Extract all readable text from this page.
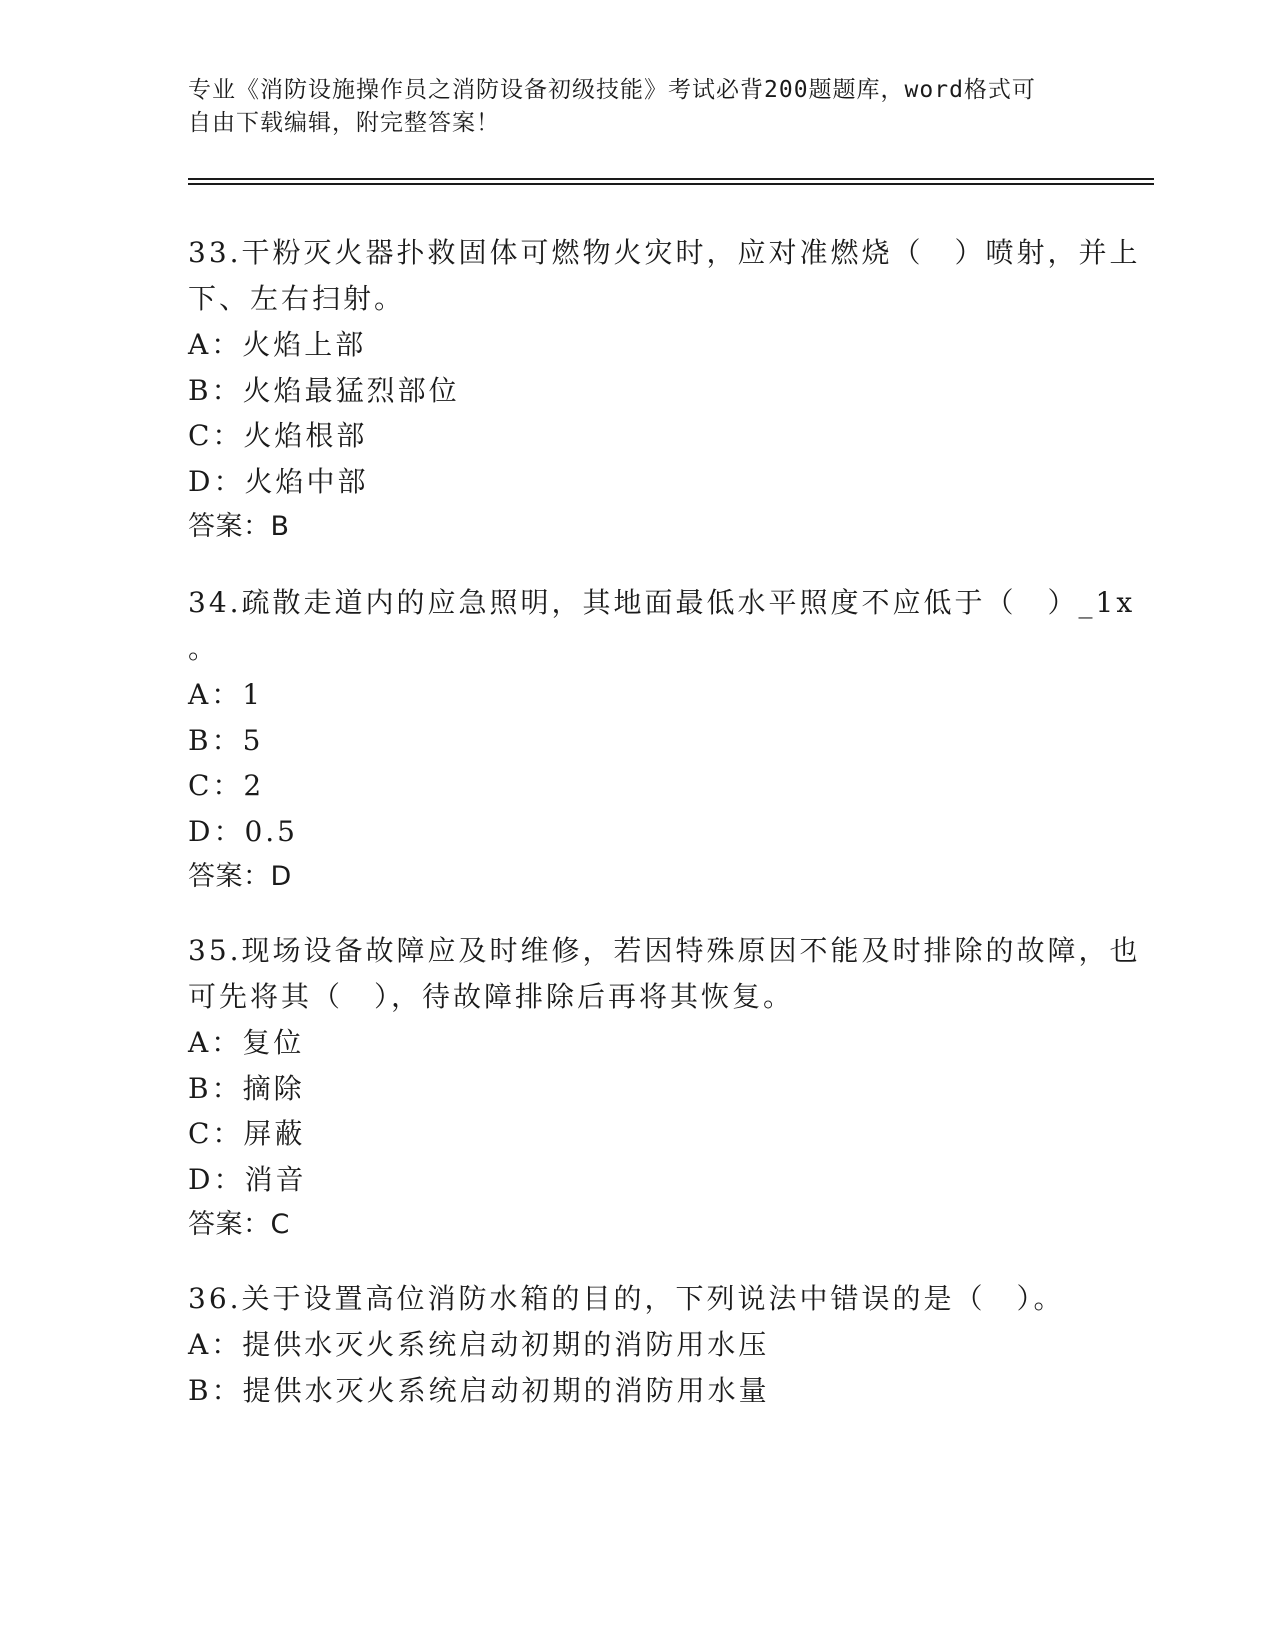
专业《消防设施操作员之消防设备初级技能》考试必背200题题库，word格式可
自由下载编辑，附完整答案！
33.干粉灭火器扑救固体可燃物火灾时，应对准燃烧（　）喷射，并上
下、左右扫射。
A：火焰上部
B：火焰最猛烈部位
C：火焰根部
D：火焰中部
答案：B
34.疏散走道内的应急照明，其地面最低水平照度不应低于（　）_1x
。
A：1
B：5
C：2
D：0.5
答案：D
35.现场设备故障应及时维修，若因特殊原因不能及时排除的故障，也
可先将其（　），待故障排除后再将其恢复。
A：复位
B：摘除
C：屏蔽
D：消音
答案：C
36.关于设置高位消防水箱的目的，下列说法中错误的是（　）。
A：提供水灭火系统启动初期的消防用水压
B：提供水灭火系统启动初期的消防用水量
